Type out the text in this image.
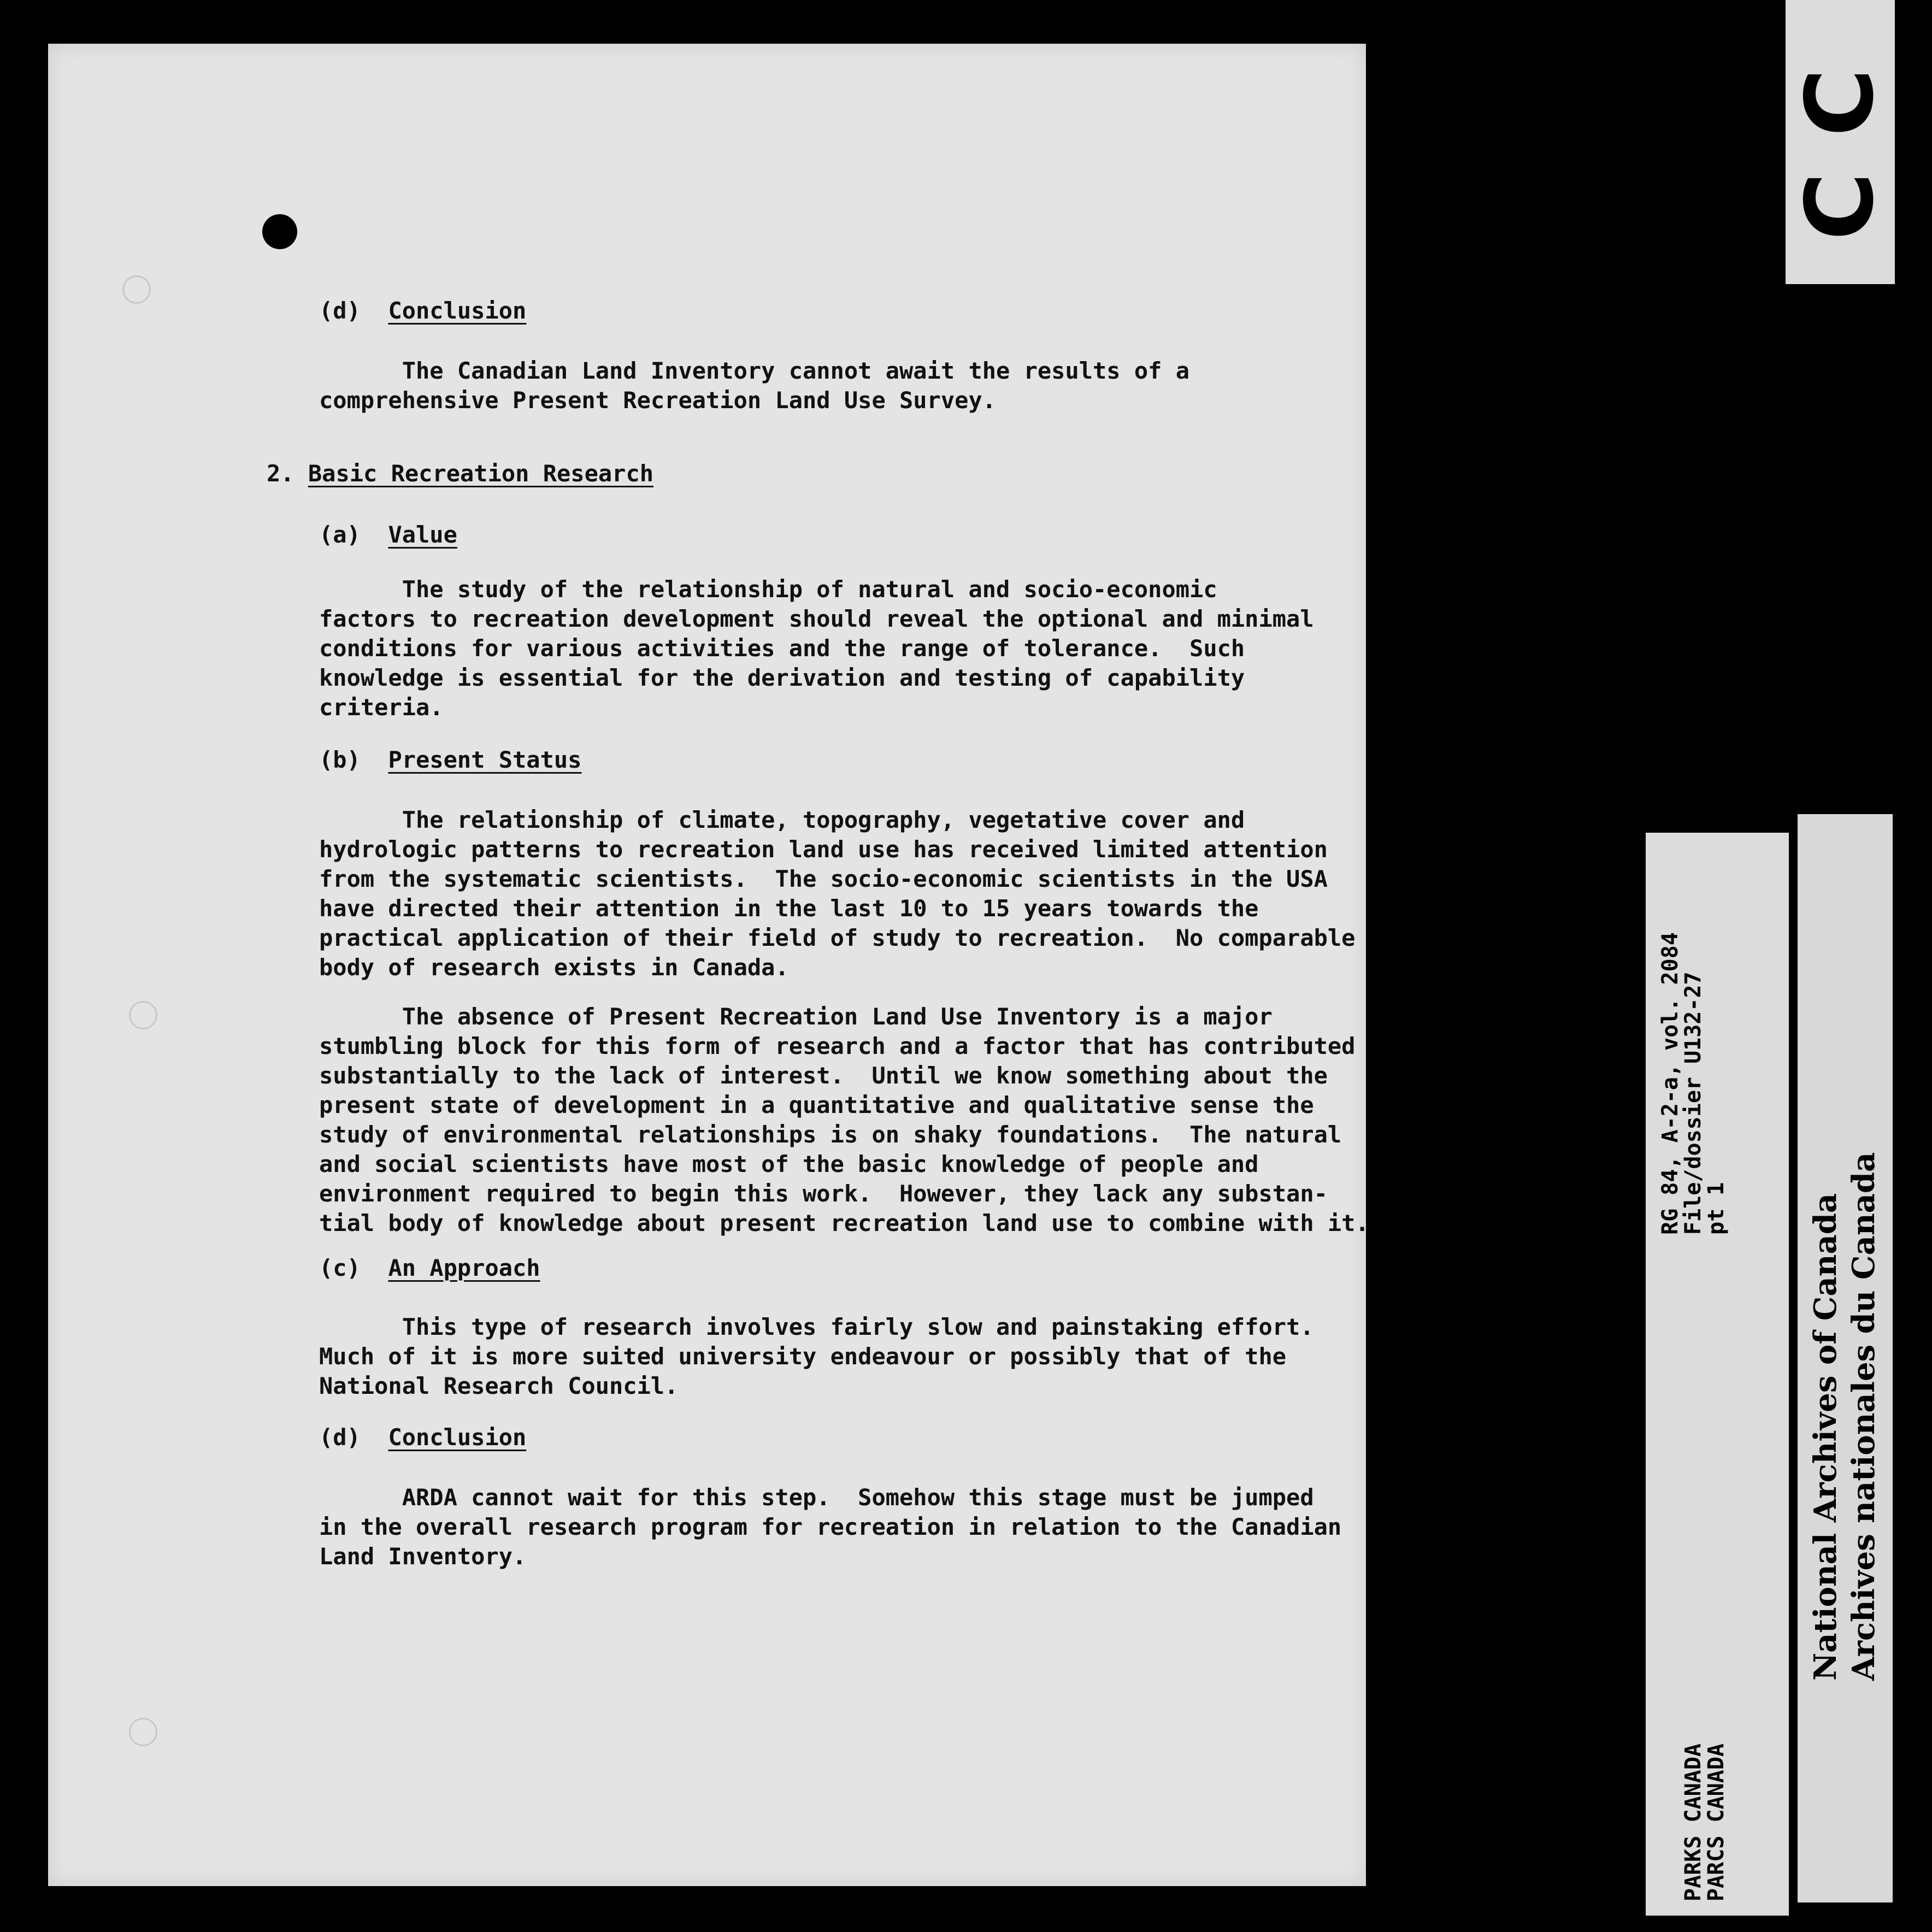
(d) Conclusion
The Canadian Land Inventory cannot await the results of a
comprehensive Present Recreation Land Use Survey.
2. Basic Recreation Research
(a) Value
The study of the relationship of natural and socio-economic
factors to recreation development should reveal the optional and minimal
conditions for various activities and the range of tolerance.  Such
knowledge is essential for the derivation and testing of capability
criteria.
(b) Present Status
The relationship of climate, topography, vegetative cover and
hydrologic patterns to recreation land use has received limited attention
from the systematic scientists.  The socio-economic scientists in the USA
have directed their attention in the last 10 to 15 years towards the
practical application of their field of study to recreation.  No comparable
body of research exists in Canada.
The absence of Present Recreation Land Use Inventory is a major
stumbling block for this form of research and a factor that has contributed
substantially to the lack of interest.  Until we know something about the
present state of development in a quantitative and qualitative sense the
study of environmental relationships is on shaky foundations.  The natural
and social scientists have most of the basic knowledge of people and
environment required to begin this work.  However, they lack any substan-
tial body of knowledge about present recreation land use to combine with it.
(c) An Approach
This type of research involves fairly slow and painstaking effort.
Much of it is more suited university endeavour or possibly that of the
National Research Council.
(d) Conclusion
ARDA cannot wait for this step.  Somehow this stage must be jumped
in the overall research program for recreation in relation to the Canadian
Land Inventory.
C
C
PARKS CANADA
PARCS CANADA
RG 84, A-2-a, vol. 2084
File/dossier U132-27
pt 1
National Archives of Canada Archives nationales du Canada
